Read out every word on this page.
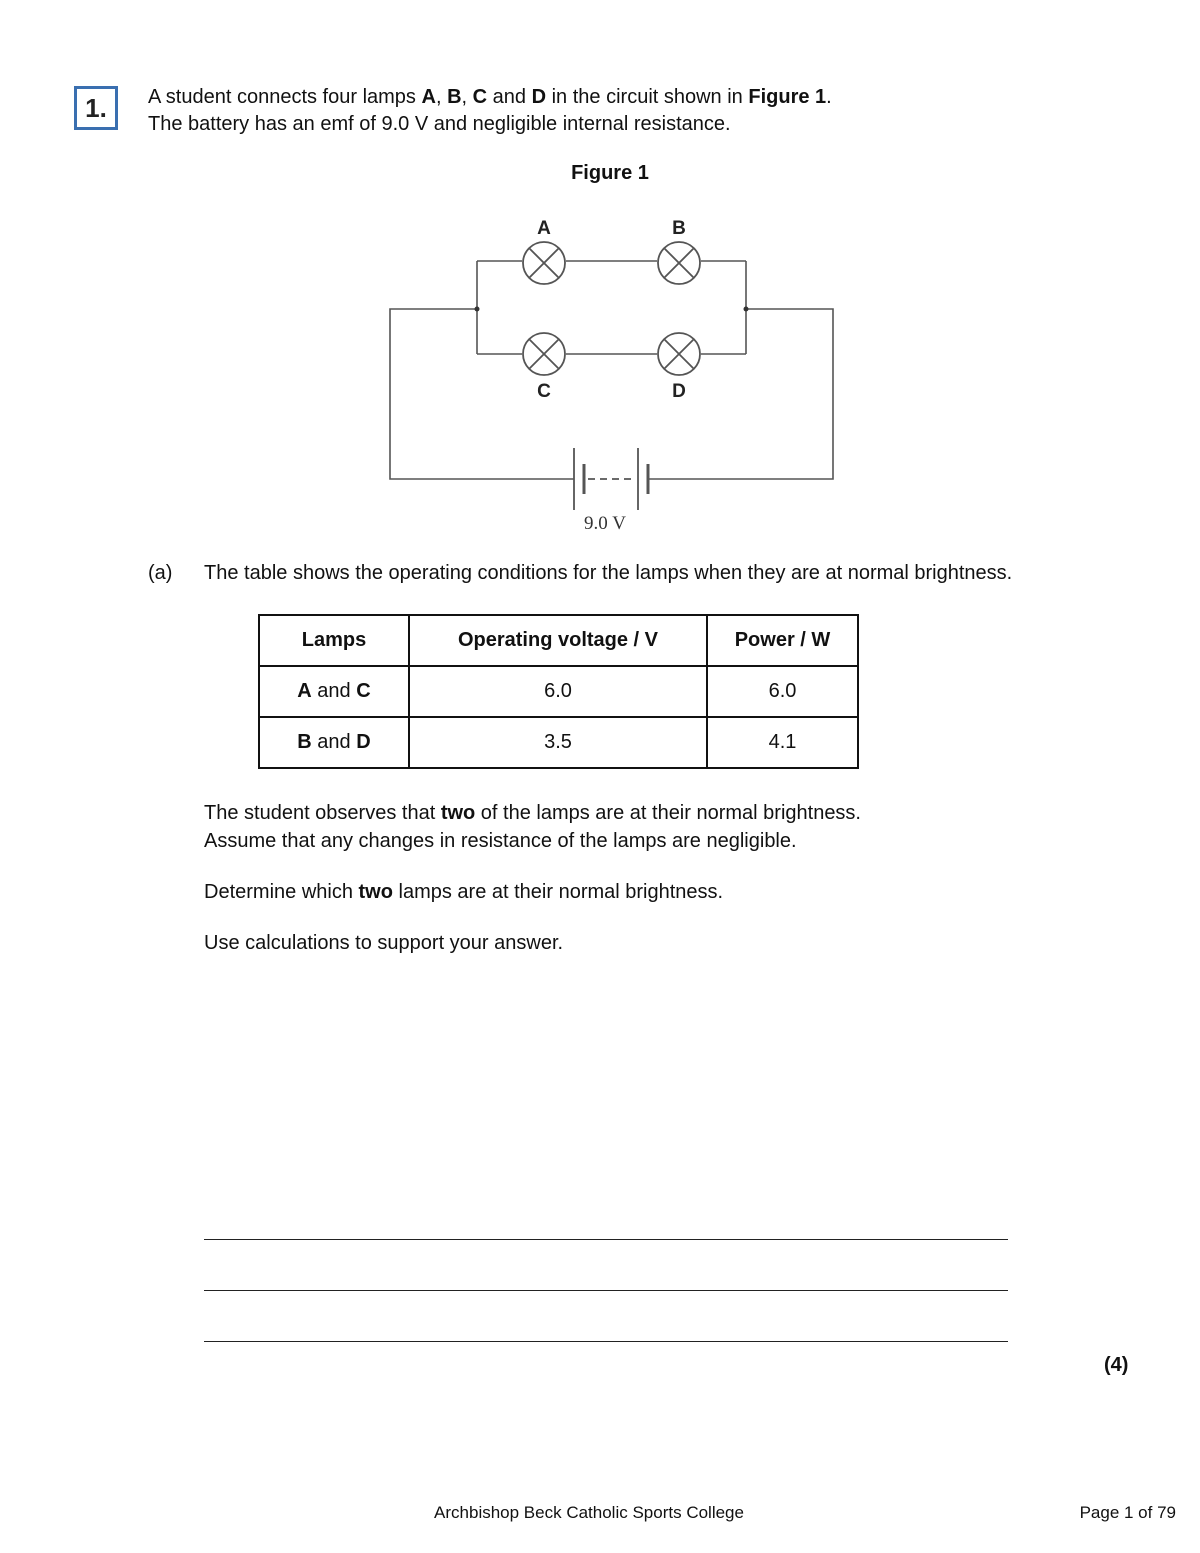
1.	A student connects four lamps A, B, C and D in the circuit shown in Figure 1.
The battery has an emf of 9.0 V and negligible internal resistance.
Figure 1
A	B
C	D
9.0 V
(a) The table shows the operating conditions for the lamps when they are at normal brightness.
Lamps	Operating voltage / V	Power / W
A and C	6.0	6.0
B and D	3.5	4.1
The student observes that two of the lamps are at their normal brightness.
Assume that any changes in resistance of the lamps are negligible.
Determine which two lamps are at their normal brightness.
Use calculations to support your answer.
(4)
Archbishop Beck Catholic Sports College	Page 1 of 79
